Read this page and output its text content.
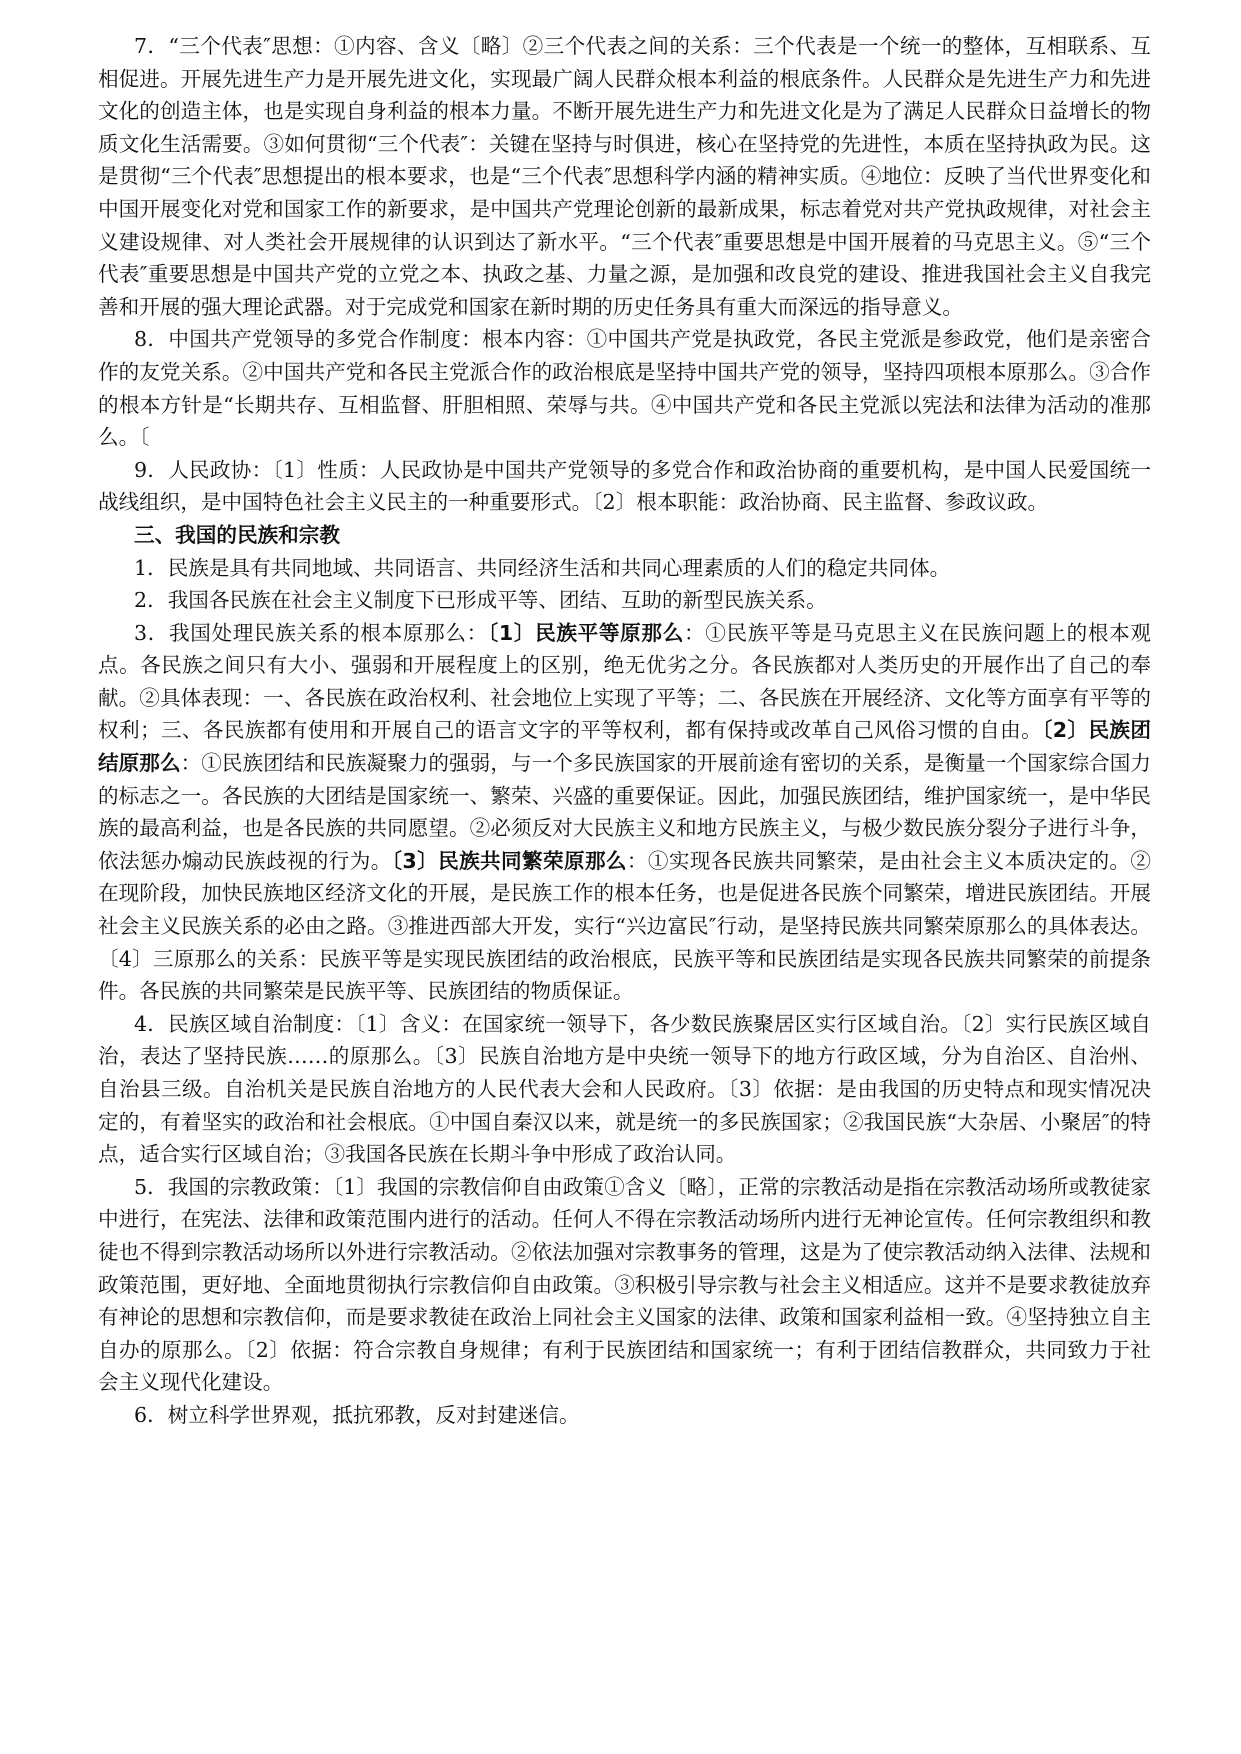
7．“三个代表″思想：①内容、含义〔略〕②三个代表之间的关系：三个代表是一个统一的整体，互相联系、互相促进。开展先进生产力是开展先进文化，实现最广阔人民群众根本利益的根底条件。人民群众是先进生产力和先进文化的创造主体，也是实现自身利益的根本力量。不断开展先进生产力和先进文化是为了满足人民群众日益增长的物质文化生活需要。③如何贯彻“三个代表″：关键在坚持与时俱进，核心在坚持党的先进性，本质在坚持执政为民。这是贯彻“三个代表″思想提出的根本要求，也是“三个代表″思想科学内涵的精神实质。④地位：反映了当代世界变化和中国开展变化对党和国家工作的新要求，是中国共产党理论创新的最新成果，标志着党对共产党执政规律，对社会主义建设规律、对人类社会开展规律的认识到达了新水平。“三个代表″重要思想是中国开展着的马克思主义。⑤“三个代表″重要思想是中国共产党的立党之本、执政之基、力量之源，是加强和改良党的建设、推进我国社会主义自我完善和开展的强大理论武器。对于完成党和国家在新时期的历史任务具有重大而深远的指导意义。

8．中国共产党领导的多党合作制度：根本内容：①中国共产党是执政党，各民主党派是参政党，他们是亲密合作的友党关系。②中国共产党和各民主党派合作的政治根底是坚持中国共产党的领导，坚持四项根本原那么。③合作的根本方针是“长期共存、互相监督、肝胆相照、荣辱与共。④中国共产党和各民主党派以宪法和法律为活动的准那么。〔

9．人民政协：〔1〕性质：人民政协是中国共产党领导的多党合作和政治协商的重要机构，是中国人民爱国统一战线组织，是中国特色社会主义民主的一种重要形式。〔2〕根本职能：政治协商、民主监督、参政议政。

三、我国的民族和宗教

1．民族是具有共同地域、共同语言、共同经济生活和共同心理素质的人们的稳定共同体。

2．我国各民族在社会主义制度下已形成平等、团结、互助的新型民族关系。

3．我国处理民族关系的根本原那么：〔1〕民族平等原那么：①民族平等是马克思主义在民族问题上的根本观点。各民族之间只有大小、强弱和开展程度上的区别，绝无优劣之分。各民族都对人类历史的开展作出了自己的奉献。②具体表现：一、各民族在政治权利、社会地位上实现了平等；二、各民族在开展经济、文化等方面享有平等的权利；三、各民族都有使用和开展自己的语言文字的平等权利，都有保持或改革自己风俗习惯的自由。〔2〕民族团结原那么：①民族团结和民族凝聚力的强弱，与一个多民族国家的开展前途有密切的关系，是衡量一个国家综合国力的标志之一。各民族的大团结是国家统一、繁荣、兴盛的重要保证。因此，加强民族团结，维护国家统一，是中华民族的最高利益，也是各民族的共同愿望。②必须反对大民族主义和地方民族主义，与极少数民族分裂分子进行斗争，依法惩办煽动民族歧视的行为。〔3〕民族共同繁荣原那么：①实现各民族共同繁荣，是由社会主义本质决定的。②在现阶段，加快民族地区经济文化的开展，是民族工作的根本任务，也是促进各民族个同繁荣，增进民族团结。开展社会主义民族关系的必由之路。③推进西部大开发，实行“兴边富民″行动，是坚持民族共同繁荣原那么的具体表达。〔4〕三原那么的关系：民族平等是实现民族团结的政治根底，民族平等和民族团结是实现各民族共同繁荣的前提条件。各民族的共同繁荣是民族平等、民族团结的物质保证。

4．民族区域自治制度：〔1〕含义：在国家统一领导下，各少数民族聚居区实行区域自治。〔2〕实行民族区域自治，表达了坚持民族……的原那么。〔3〕民族自治地方是中央统一领导下的地方行政区域，分为自治区、自治州、自治县三级。自治机关是民族自治地方的人民代表大会和人民政府。〔3〕依据：是由我国的历史特点和现实情况决定的，有着坚实的政治和社会根底。①中国自秦汉以来，就是统一的多民族国家；②我国民族“大杂居、小聚居″的特点，适合实行区域自治；③我国各民族在长期斗争中形成了政治认同。

5．我国的宗教政策：〔1〕我国的宗教信仰自由政策①含义〔略〕，正常的宗教活动是指在宗教活动场所或教徒家中进行，在宪法、法律和政策范围内进行的活动。任何人不得在宗教活动场所内进行无神论宣传。任何宗教组织和教徒也不得到宗教活动场所以外进行宗教活动。②依法加强对宗教事务的管理，这是为了使宗教活动纳入法律、法规和政策范围，更好地、全面地贯彻执行宗教信仰自由政策。③积极引导宗教与社会主义相适应。这并不是要求教徒放弃有神论的思想和宗教信仰，而是要求教徒在政治上同社会主义国家的法律、政策和国家利益相一致。④坚持独立自主自办的原那么。〔2〕依据：符合宗教自身规律；有利于民族团结和国家统一；有利于团结信教群众，共同致力于社会主义现代化建设。

6．树立科学世界观，抵抗邪教，反对封建迷信。
